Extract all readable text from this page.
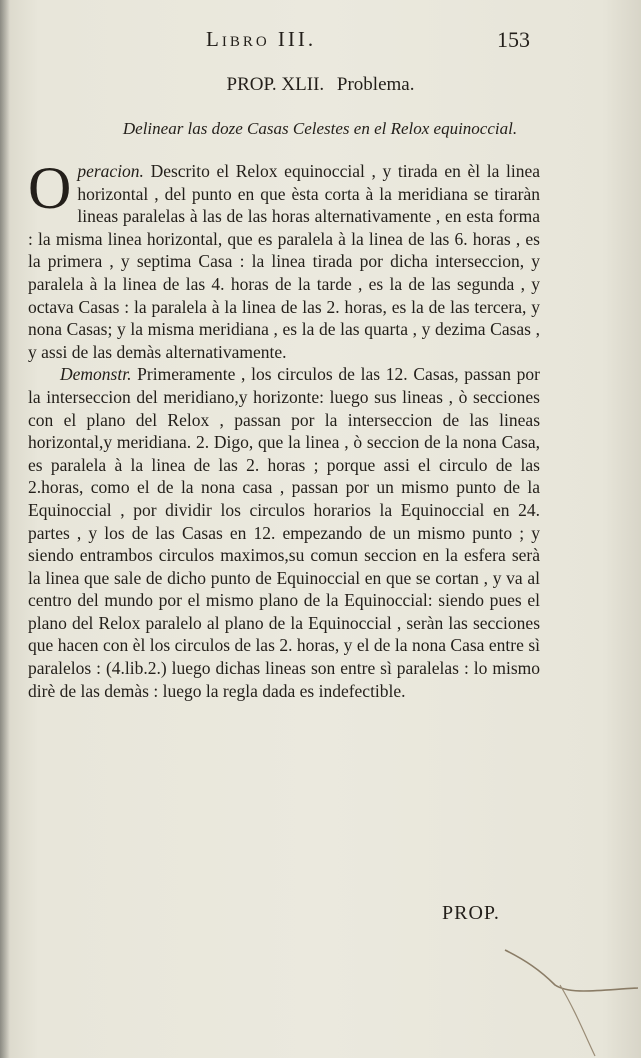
Libro III.	153
PROP. XLII. Problema.
Delinear las doze Casas Celestes en el Relox equinoccial.

Operacion. Descrito el Relox equinoccial , y tirada en èl la linea horizontal , del punto en que èsta corta à la meridiana se tiraràn lineas paralelas à las de las horas alternativamente , en esta forma : la misma linea horizontal, que es paralela à la linea de las 6. horas , es la primera , y septima Casa : la linea tirada por dicha interseccion, y paralela à la linea de las 4. horas de la tarde , es la de las segunda , y octava Casas : la paralela à la linea de las 2. horas, es la de las tercera, y nona Casas; y la misma meridiana , es la de las quarta , y dezima Casas , y assi de las demàs alternativamente.

Demonstr. Primeramente , los circulos de las 12. Casas, passan por la interseccion del meridiano,y horizonte: luego sus lineas , ò secciones con el plano del Relox , passan por la interseccion de las lineas horizontal,y meridiana. 2. Digo, que la linea , ò seccion de la nona Casa, es paralela à la linea de las 2. horas ; porque assi el circulo de las 2.horas, como el de la nona casa , passan por un mismo punto de la Equinoccial , por dividir los circulos horarios la Equinoccial en 24. partes , y los de las Casas en 12. empezando de un mismo punto ; y siendo entrambos circulos maximos,su comun seccion en la esfera serà la linea que sale de dicho punto de Equinoccial en que se cortan , y va al centro del mundo por el mismo plano de la Equinoccial: siendo pues el plano del Relox paralelo al plano de la Equinoccial , seràn las secciones que hacen con èl los circulos de las 2. horas, y el de la nona Casa entre sì paralelos : (4.lib.2.) luego dichas lineas son entre sì paralelas : lo mismo dirè de las demàs : luego la regla dada es indefectible.

PROP.
